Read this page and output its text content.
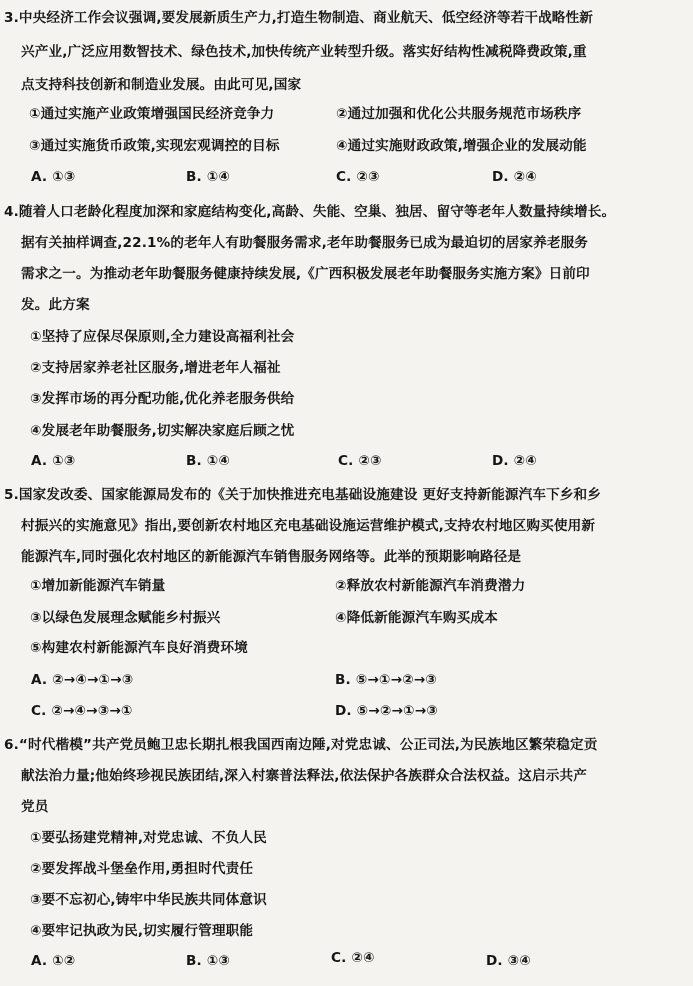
3.中央经济工作会议强调,要发展新质生产力,打造生物制造、商业航天、低空经济等若干战略性新
兴产业,广泛应用数智技术、绿色技术,加快传统产业转型升级。落实好结构性减税降费政策,重
点支持科技创新和制造业发展。由此可见,国家
①通过实施产业政策增强国民经济竞争力	②通过加强和优化公共服务规范市场秩序
③通过实施货币政策,实现宏观调控的目标	④通过实施财政政策,增强企业的发展动能
A. ①③	B. ①④	C. ②③	D. ②④
4.随着人口老龄化程度加深和家庭结构变化,高龄、失能、空巢、独居、留守等老年人数量持续增长。
据有关抽样调查,22.1%的老年人有助餐服务需求,老年助餐服务已成为最迫切的居家养老服务
需求之一。为推动老年助餐服务健康持续发展,《广西积极发展老年助餐服务实施方案》日前印
发。此方案
①坚持了应保尽保原则,全力建设高福利社会
②支持居家养老社区服务,增进老年人福祉
③发挥市场的再分配功能,优化养老服务供给
④发展老年助餐服务,切实解决家庭后顾之忧
A. ①③	B. ①④	C. ②③	D. ②④
5.国家发改委、国家能源局发布的《关于加快推进充电基础设施建设 更好支持新能源汽车下乡和乡
村振兴的实施意见》指出,要创新农村地区充电基础设施运营维护模式,支持农村地区购买使用新
能源汽车,同时强化农村地区的新能源汽车销售服务网络等。此举的预期影响路径是
①增加新能源汽车销量	②释放农村新能源汽车消费潜力
③以绿色发展理念赋能乡村振兴	④降低新能源汽车购买成本
⑤构建农村新能源汽车良好消费环境
A. ②→④→①→③	B. ⑤→①→②→③
C. ②→④→③→①	D. ⑤→②→①→③
6.“时代楷模”共产党员鲍卫忠长期扎根我国西南边陲,对党忠诚、公正司法,为民族地区繁荣稳定贡
献法治力量;他始终珍视民族团结,深入村寨普法释法,依法保护各族群众合法权益。这启示共产
党员
①要弘扬建党精神,对党忠诚、不负人民
②要发挥战斗堡垒作用,勇担时代责任
③要不忘初心,铸牢中华民族共同体意识
④要牢记执政为民,切实履行管理职能
A. ①②	B. ①③	C. ②④	D. ③④
